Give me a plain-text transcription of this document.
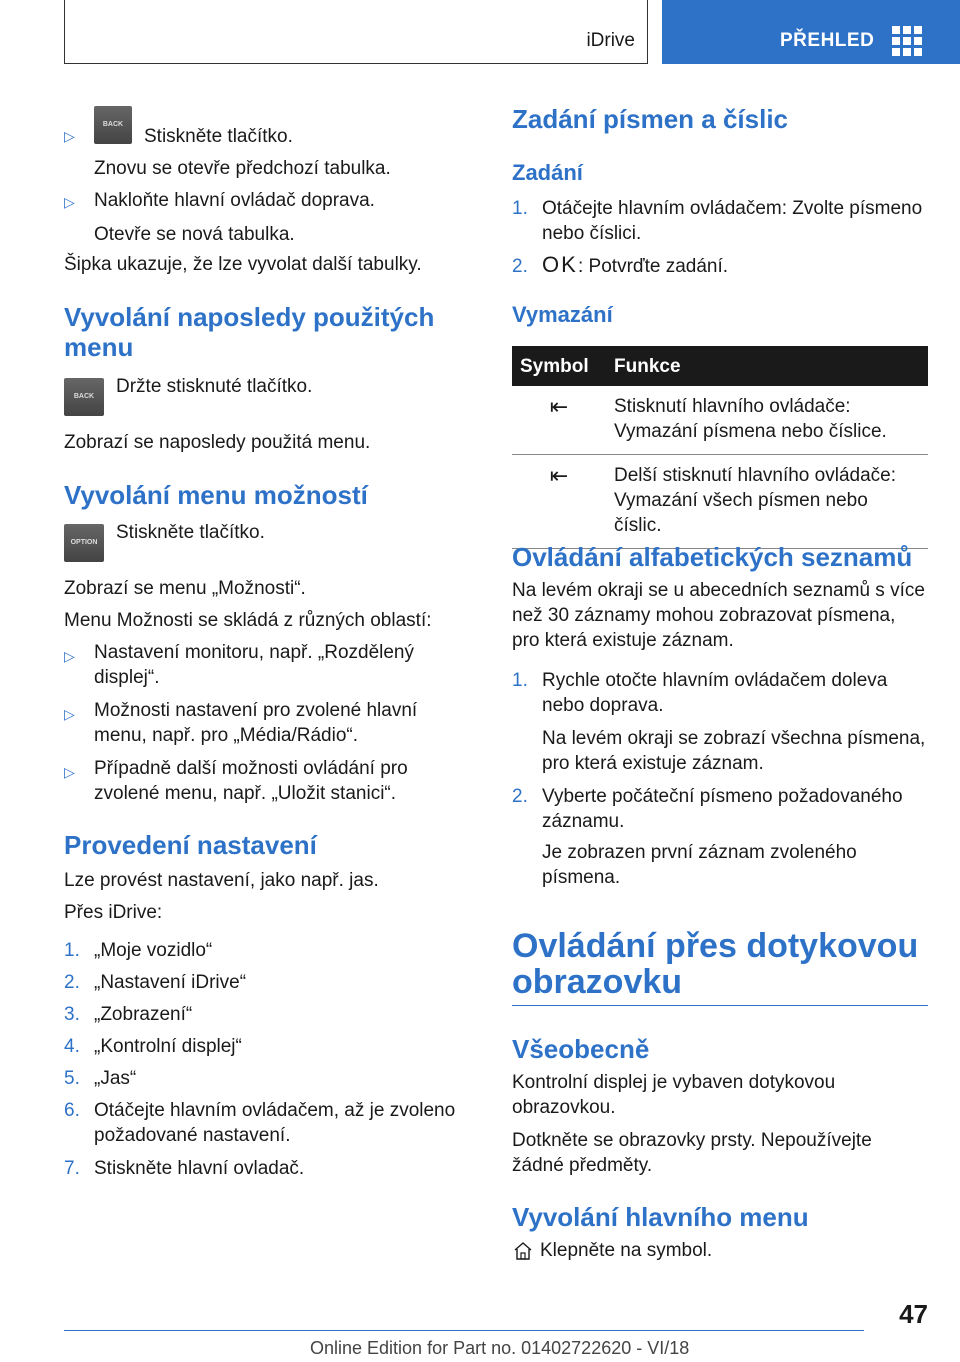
iDrive	PŘEHLED
▷
BACK
Stiskněte tlačítko.
Znovu se otevře předchozí tabulka.
▷ Nakloňte hlavní ovládač doprava.
Otevře se nová tabulka.
Šipka ukazuje, že lze vyvolat další tabulky.
Vyvolání naposledy použitých menu
BACK	Držte stisknuté tlačítko.
Zobrazí se naposledy použitá menu.
Vyvolání menu možností
OPTION Stiskněte tlačítko.
Zobrazí se menu „Možnosti“.
Menu Možnosti se skládá z různých oblastí:
▷ Nastavení monitoru, např. „Rozdělený displej“.
▷ Možnosti nastavení pro zvolené hlavní menu, např. pro „Média/Rádio“.
▷ Případně další možnosti ovládání pro zvolené menu, např. „Uložit stanici“.
Provedení nastavení
Lze provést nastavení, jako např. jas.
Přes iDrive:
1. „Moje vozidlo“
2. „Nastavení iDrive“
3. „Zobrazení“
4. „Kontrolní displej“
5. „Jas“
6. Otáčejte hlavním ovládačem, až je zvoleno požadované nastavení.
7. Stiskněte hlavní ovladač.
Zadání písmen a číslic
Zadání
1. Otáčejte hlavním ovládačem: Zvolte písmeno nebo číslici.
2. OK : Potvrďte zadání.
Vymazání
Symbol	Funkce
⇤	Stisknutí hlavního ovládače: Vymazání písmena nebo číslice.
⇤	Delší stisknutí hlavního ovládače: Vymazání všech písmen nebo číslic.
Ovládání alfabetických seznamů
Na levém okraji se u abecedních seznamů s více než 30 záznamy mohou zobrazovat písmena, pro která existuje záznam.
1. Rychle otočte hlavním ovládačem doleva nebo doprava.
Na levém okraji se zobrazí všechna písmena, pro která existuje záznam.
2. Vyberte počáteční písmeno požadovaného záznamu.
Je zobrazen první záznam zvoleného písmena.
Ovládání přes dotykovou obrazovku
Všeobecně
Kontrolní displej je vybaven dotykovou obrazovkou.
Dotkněte se obrazovky prsty. Nepoužívejte žádné předměty.
Vyvolání hlavního menu
Klepněte na symbol.
47
Online Edition for Part no. 01402722620 - VI/18
